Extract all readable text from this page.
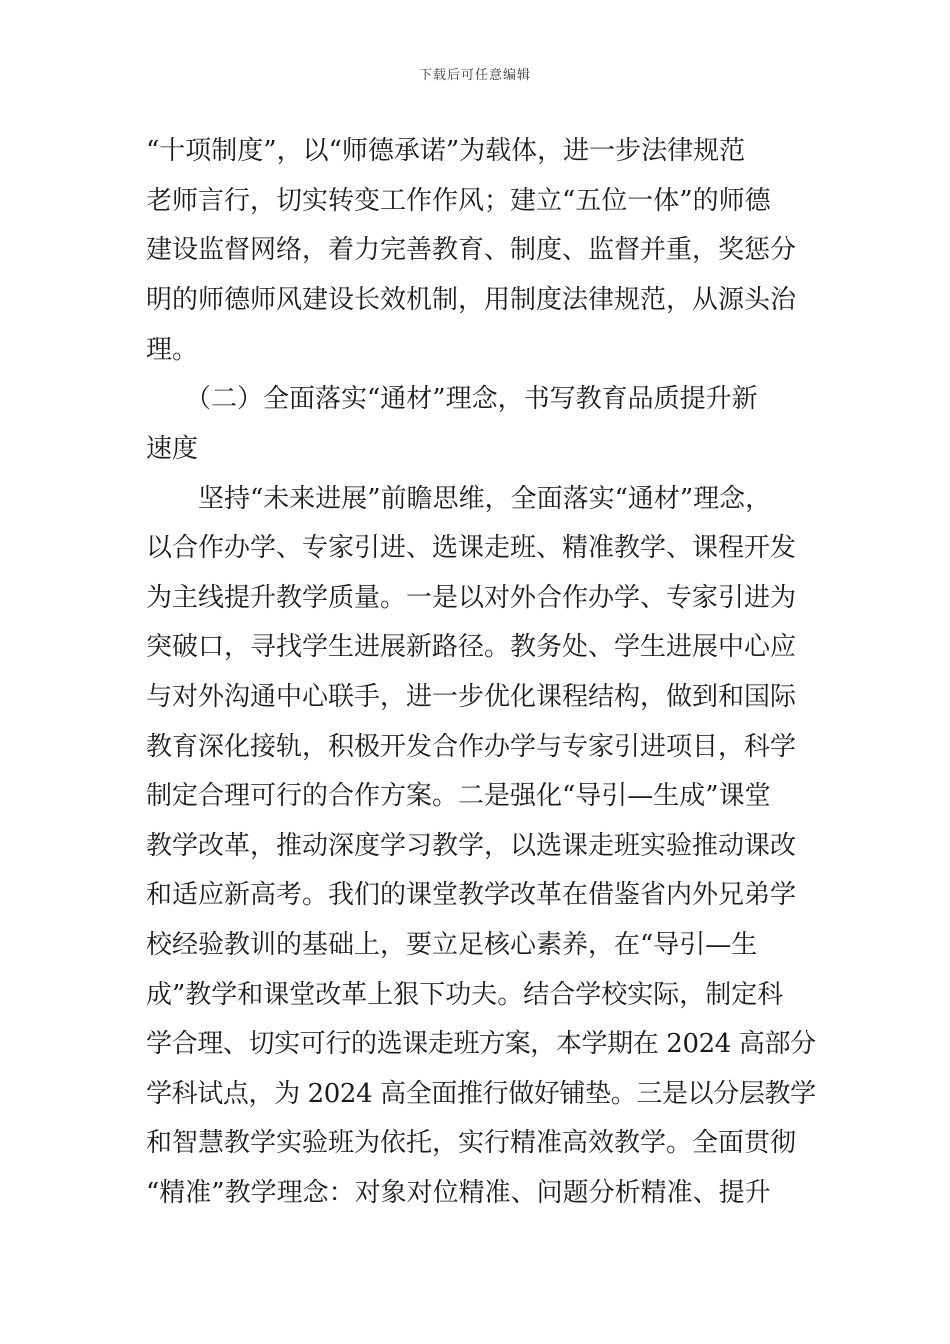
下载后可任意编辑
“十项制度”，以“师德承诺”为载体，进一步法律规范
老师言行，切实转变工作作风；建立“五位一体”的师德
建设监督网络，着力完善教育、制度、监督并重，奖惩分
明的师德师风建设长效机制，用制度法律规范，从源头治
理。
　　（二）全面落实“通材”理念，书写教育品质提升新
速度
　　坚持“未来进展”前瞻思维，全面落实“通材”理念，
以合作办学、专家引进、选课走班、精准教学、课程开发
为主线提升教学质量。一是以对外合作办学、专家引进为
突破口，寻找学生进展新路径。教务处、学生进展中心应
与对外沟通中心联手，进一步优化课程结构，做到和国际
教育深化接轨，积极开发合作办学与专家引进项目，科学
制定合理可行的合作方案。二是强化“导引—生成”课堂
教学改革，推动深度学习教学，以选课走班实验推动课改
和适应新高考。我们的课堂教学改革在借鉴省内外兄弟学
校经验教训的基础上，要立足核心素养，在“导引—生
成”教学和课堂改革上狠下功夫。结合学校实际，制定科
学合理、切实可行的选课走班方案，本学期在 2024 高部分
学科试点，为 2024 高全面推行做好铺垫。三是以分层教学
和智慧教学实验班为依托，实行精准高效教学。全面贯彻
“精准”教学理念：对象对位精准、问题分析精准、提升
